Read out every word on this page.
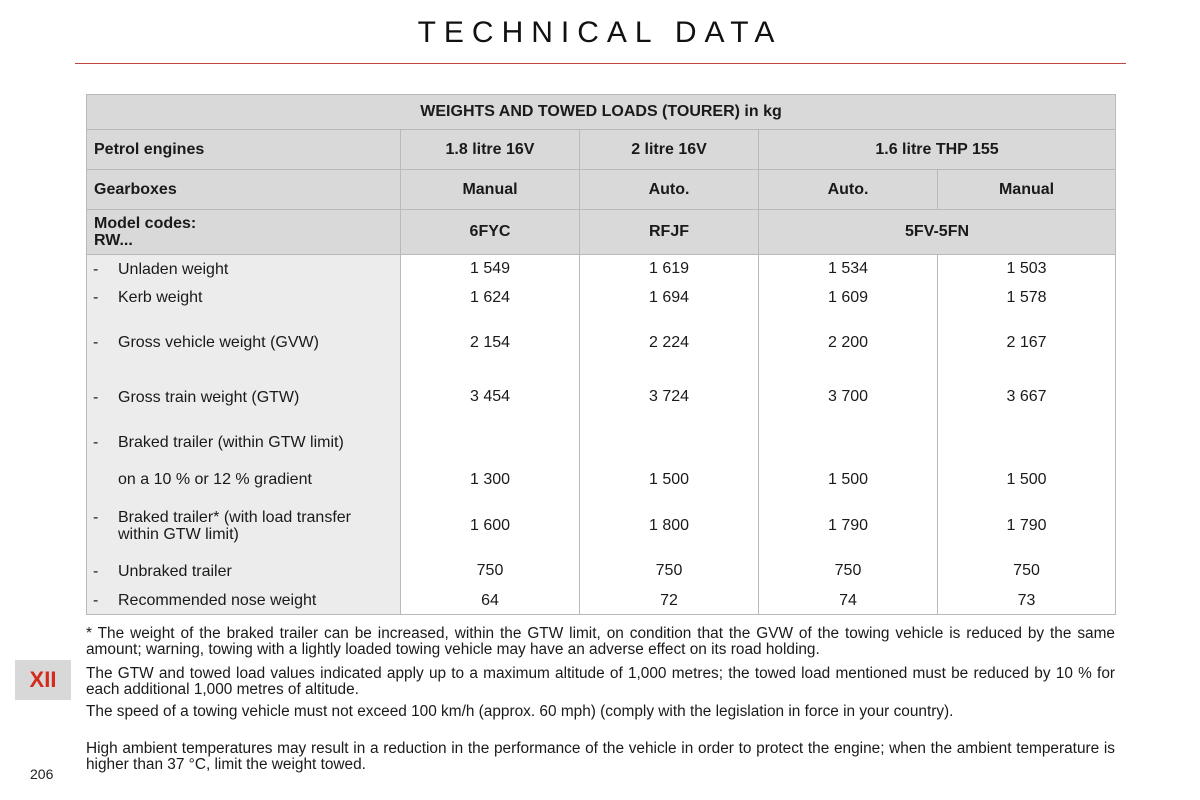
TECHNICAL DATA
WEIGHTS AND TOWED LOADS (TOURER) in kg				
Petrol engines	1.8 litre 16V	2 litre 16V	1.6 litre THP 155	
Gearboxes	Manual	Auto.	Auto.	Manual

Model codes:
RW...	6FYC	RFJF	5FV-5FN	

- Unladen weight	1 549	1 619	1 534	1 503

- Kerb weight	1 624	1 694	1 609	1 578

- Gross vehicle weight (GVW)	2 154	2 224	2 200	2 167

- Gross train weight (GTW)	3 454	3 724	3 700	3 667

- Braked trailer (within GTW limit)				

on a 10 % or 12 % gradient	1 300	1 500	1 500	1 500

- Braked trailer* (with load transfer within GTW limit)	1 600	1 800	1 790	1 790

- Unbraked trailer	750	750	750	750

- Recommended nose weight	64	72	74	73
* The weight of the braked trailer can be increased, within the GTW limit, on condition that the GVW of the towing vehicle is reduced by the same amount; warning, towing with a lightly loaded towing vehicle may have an adverse effect on its road holding.
The GTW and towed load values indicated apply up to a maximum altitude of 1,000 metres; the towed load mentioned must be reduced by 10 % for each additional 1,000 metres of altitude.
The speed of a towing vehicle must not exceed 100 km/h (approx. 60 mph) (comply with the legislation in force in your country).
High ambient temperatures may result in a reduction in the performance of the vehicle in order to protect the engine; when the ambient temperature is higher than 37 °C, limit the weight towed.
XII
206
